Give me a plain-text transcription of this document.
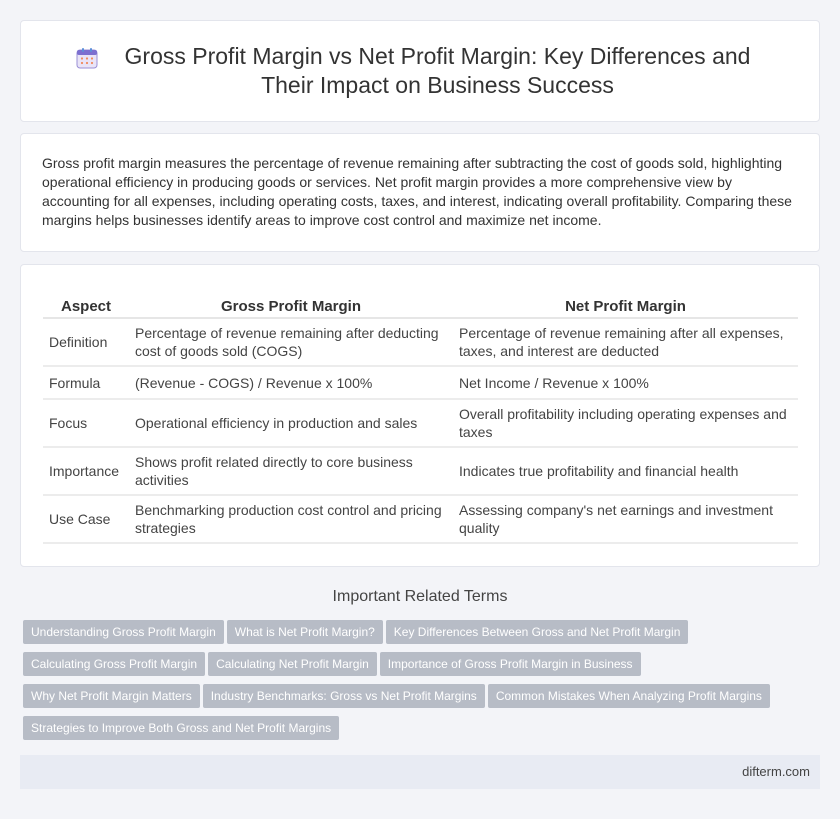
Gross Profit Margin vs Net Profit Margin: Key Differences and Their Impact on Business Success

Gross profit margin measures the percentage of revenue remaining after subtracting the cost of goods sold, highlighting operational efficiency in producing goods or services. Net profit margin provides a more comprehensive view by accounting for all expenses, including operating costs, taxes, and interest, indicating overall profitability. Comparing these margins helps businesses identify areas to improve cost control and maximize net income.

Aspect	Gross Profit Margin	Net Profit Margin
Definition	Percentage of revenue remaining after deducting cost of goods sold (COGS)	Percentage of revenue remaining after all expenses, taxes, and interest are deducted
Formula	(Revenue - COGS) / Revenue x 100%	Net Income / Revenue x 100%
Focus	Operational efficiency in production and sales	Overall profitability including operating expenses and taxes
Importance	Shows profit related directly to core business activities	Indicates true profitability and financial health
Use Case	Benchmarking production cost control and pricing strategies	Assessing company's net earnings and investment quality
Important Related Terms
Understanding Gross Profit Margin What is Net Profit Margin? Key Differences Between Gross and Net Profit Margin
Calculating Gross Profit Margin Calculating Net Profit Margin Importance of Gross Profit Margin in Business
Why Net Profit Margin Matters Industry Benchmarks: Gross vs Net Profit Margins Common Mistakes When Analyzing Profit Margins
Strategies to Improve Both Gross and Net Profit Margins
difterm.com
